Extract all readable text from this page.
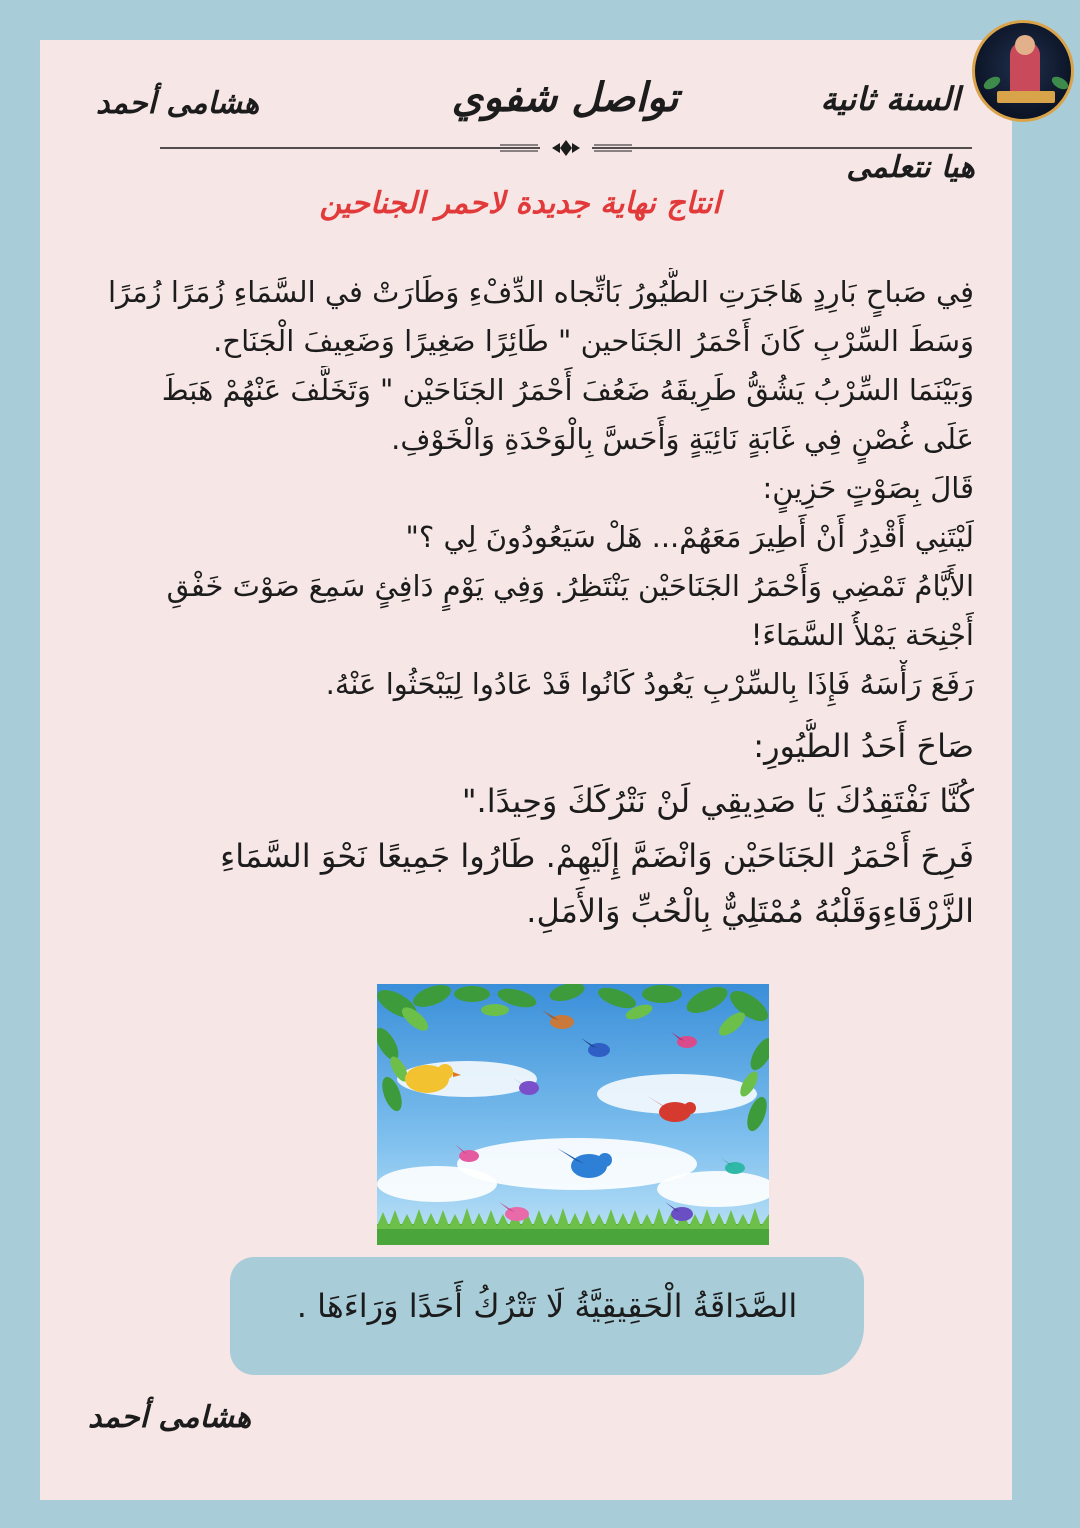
السنة ثانية
تواصل شفوي
هشامى أحمد
هيا نتعلمى
انتاج نهاية جديدة لاحمر الجناحين
فِي صَباحٍ بَارِدٍ هَاجَرَتِ الطُّيُورُ بَاتِّجاه الدِّفْءِ وَطَارَتْ في السَّمَاءِ زُمَرًا زُمَرًا
وَسَطَ السِّرْبِ كَانَ أَحْمَرُ الجَنَاحين " طَائِرًا صَغِيرًا وَضَعِيفَ الْجَنَاح.
وَبَيْنَمَا السِّرْبُ يَشُقُّ طَرِيقَهُ ضَعُفَ أَحْمَرُ الجَنَاحَيْن " وَتَخَلَّفَ عَنْهُمْ هَبَطَ
عَلَى غُصْنٍ فِي غَابَةٍ نَائِيَةٍ وَأَحَسَّ بِالْوَحْدَةِ وَالْخَوْفِ.
قَالَ بِصَوْتٍ حَزِينٍ:
لَيْتَنِي أَقْدِرُ أَنْ أَطِيرَ مَعَهُمْ... هَلْ سَيَعُودُونَ لِي ؟"
الأَيَّامُ تَمْضِي وَأَحْمَرُ الجَنَاحَيْن يَنْتَظِرُ. وَفِي يَوْمٍ دَافِئٍ سَمِعَ صَوْتَ خَفْقِ
أَجْنِحَة يَمْلأُ السَّمَاءَ!
رَفَعَ رَأْسَهُ فَإِذَا بِالسِّرْبِ يَعُودُ كَانُوا قَدْ عَادُوا لِيَبْحَثُوا عَنْهُ.
صَاحَ أَحَدُ الطُّيُورِ:
كُنَّا نَفْتَقِدُكَ يَا صَدِيقِي لَنْ نَتْرُكَكَ وَحِيدًا."
فَرِحَ أَحْمَرُ الجَنَاحَيْن وَانْضَمَّ إِلَيْهِمْ. طَارُوا جَمِيعًا نَحْوَ السَّمَاءِ
الزَّرْقَاءِوَقَلْبُهُ مُمْتَلِيٌّ بِالْحُبِّ وَالأَمَلِ.
الصَّدَاقَةُ الْحَقِيقِيَّةُ لَا تَتْرُكُ أَحَدًا وَرَاءَهَا .
هشامى أحمد
